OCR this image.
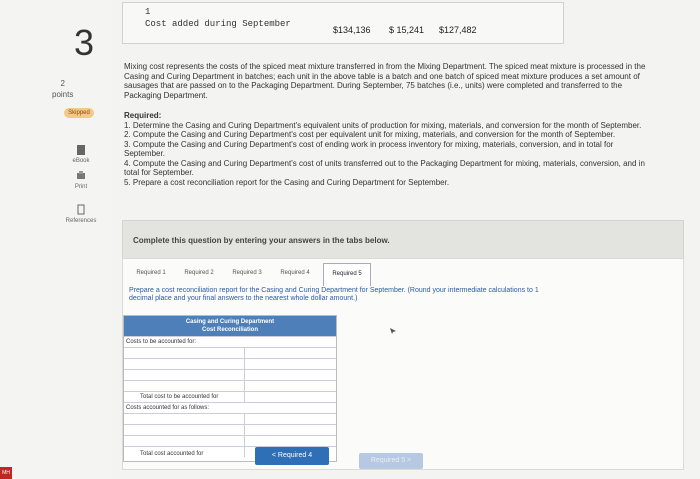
3
2
points
Skipped
eBook
Print
References
MH
1
Cost added during September
$134,136 $ 15,241 $127,482
Mixing cost represents the costs of the spiced meat mixture transferred in from the Mixing Department. The spiced meat mixture is processed in the Casing and Curing Department in batches; each unit in the above table is a batch and one batch of spiced meat mixture produces a set amount of sausages that are passed on to the Packaging Department. During September, 75 batches (i.e., units) were completed and transferred to the Packaging Department.
Required:
1. Determine the Casing and Curing Department's equivalent units of production for mixing, materials, and conversion for the month of September.
2. Compute the Casing and Curing Department's cost per equivalent unit for mixing, materials, and conversion for the month of September.
3. Compute the Casing and Curing Department's cost of ending work in process inventory for mixing, materials, conversion, and in total for September.
4. Compute the Casing and Curing Department's cost of units transferred out to the Packaging Department for mixing, materials, conversion, and in total for September.
5. Prepare a cost reconciliation report for the Casing and Curing Department for September.
Complete this question by entering your answers in the tabs below.
Required 1	Required 2	Required 3	Required 4	Required 5
Prepare a cost reconciliation report for the Casing and Curing Department for September. (Round your intermediate calculations to 1 decimal place and your final answers to the nearest whole dollar amount.)
Casing and Curing Department
Cost Reconciliation
Costs to be accounted for:
Total cost to be accounted for
Costs accounted for as follows:
Total cost accounted for	< Required 4
Required 5 >
